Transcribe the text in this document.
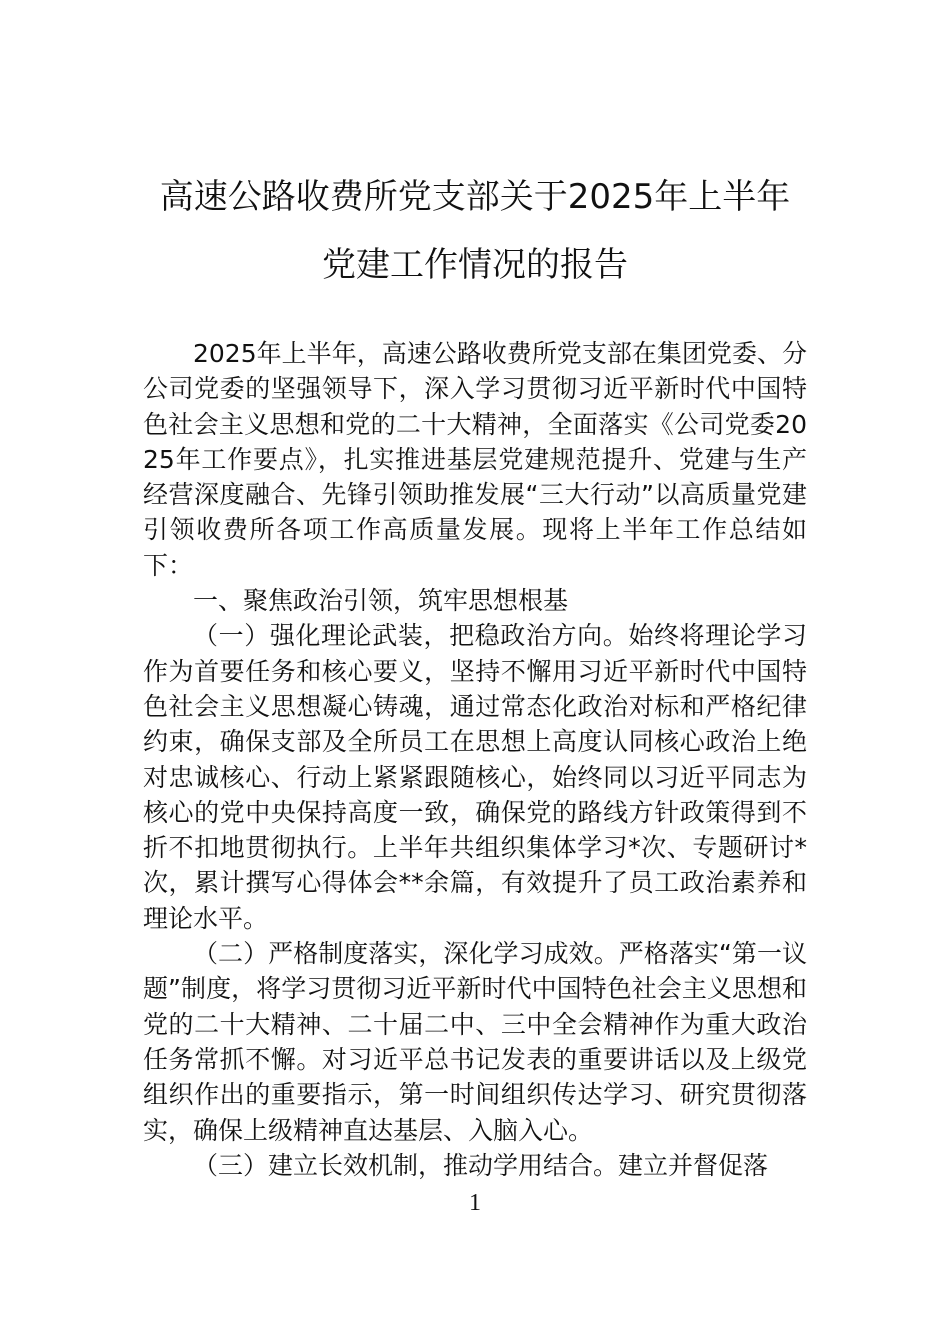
高速公路收费所党支部关于2025年上半年
党建工作情况的报告

2025年上半年，高速公路收费所党支部在集团党委、分公司党委的坚强领导下，深入学习贯彻习近平新时代中国特色社会主义思想和党的二十大精神，全面落实《公司党委2025年工作要点》，扎实推进基层党建规范提升、党建与生产经营深度融合、先锋引领助推发展“三大行动”以高质量党建引领收费所各项工作高质量发展。现将上半年工作总结如下：

一、聚焦政治引领，筑牢思想根基

（一）强化理论武装，把稳政治方向。始终将理论学习作为首要任务和核心要义，坚持不懈用习近平新时代中国特色社会主义思想凝心铸魂，通过常态化政治对标和严格纪律约束，确保支部及全所员工在思想上高度认同核心政治上绝对忠诚核心、行动上紧紧跟随核心，始终同以习近平同志为核心的党中央保持高度一致，确保党的路线方针政策得到不折不扣地贯彻执行。上半年共组织集体学习*次、专题研讨*次，累计撰写心得体会**余篇，有效提升了员工政治素养和理论水平。

（二）严格制度落实，深化学习成效。严格落实“第一议题”制度，将学习贯彻习近平新时代中国特色社会主义思想和党的二十大精神、二十届二中、三中全会精神作为重大政治任务常抓不懈。对习近平总书记发表的重要讲话以及上级党组织作出的重要指示，第一时间组织传达学习、研究贯彻落实，确保上级精神直达基层、入脑入心。

（三）建立长效机制，推动学用结合。建立并督促落

1
